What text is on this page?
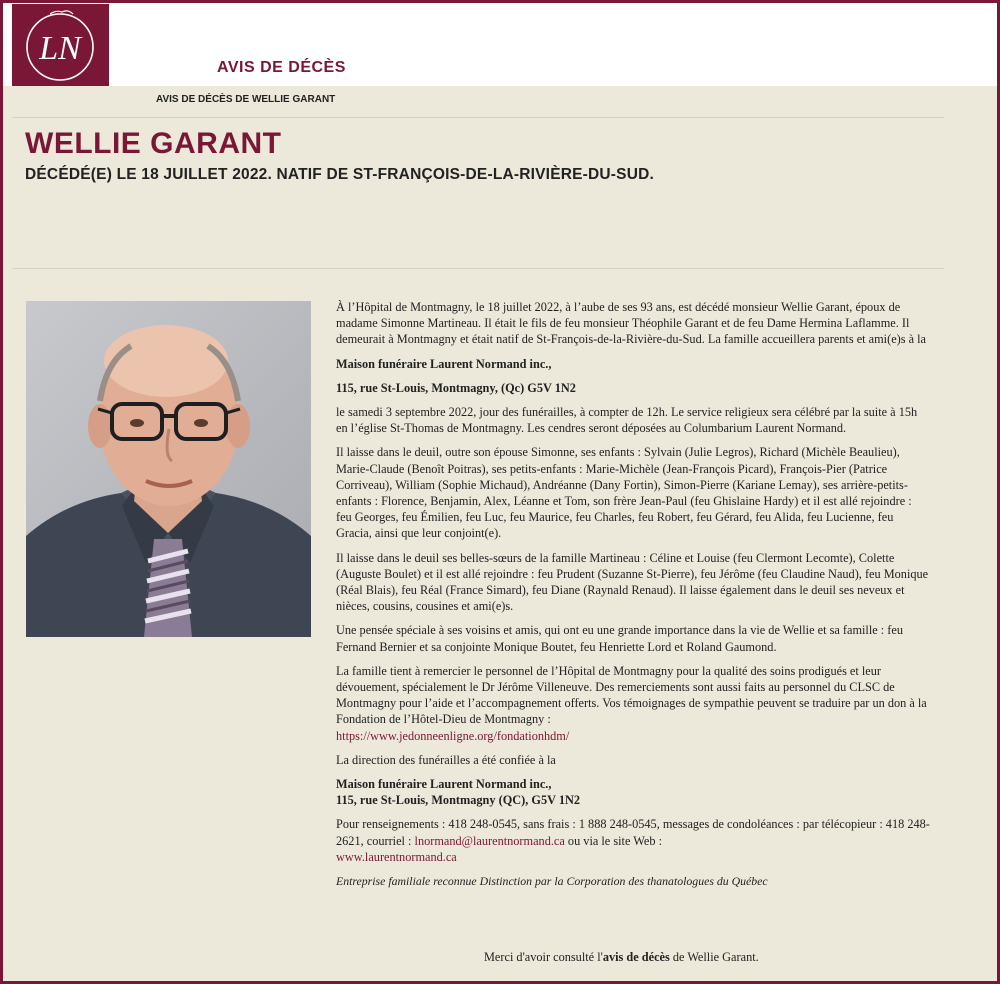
LN
AVIS DE DÉCÈS
AVIS DE DÉCÈS DE WELLIE GARANT
WELLIE GARANT
DÉCÉDÉ(E) LE 18 JUILLET 2022. NATIF DE ST-FRANÇOIS-DE-LA-RIVIÈRE-DU-SUD.

À l’Hôpital de Montmagny, le 18 juillet 2022, à l’aube de ses 93 ans, est décédé monsieur Wellie Garant, époux de madame Simonne Martineau. Il était le fils de feu monsieur Théophile Garant et de feu Dame Hermina Laflamme. Il demeurait à Montmagny et était natif de St-François-de-la-Rivière-du-Sud. La famille accueillera parents et ami(e)s à la

Maison funéraire Laurent Normand inc.,

115, rue St-Louis, Montmagny, (Qc) G5V 1N2

le samedi 3 septembre 2022, jour des funérailles, à compter de 12h. Le service religieux sera célébré par la suite à 15h en l’église St-Thomas de Montmagny. Les cendres seront déposées au Columbarium Laurent Normand.

Il laisse dans le deuil, outre son épouse Simonne, ses enfants : Sylvain (Julie Legros), Richard (Michèle Beaulieu), Marie-Claude (Benoît Poitras), ses petits-enfants : Marie-Michèle (Jean-François Picard), François-Pier (Patrice Corriveau), William (Sophie Michaud), Andréanne (Dany Fortin), Simon-Pierre (Kariane Lemay), ses arrière-petits-enfants : Florence, Benjamin, Alex, Léanne et Tom, son frère Jean-Paul (feu Ghislaine Hardy) et il est allé rejoindre : feu Georges, feu Émilien, feu Luc, feu Maurice, feu Charles, feu Robert, feu Gérard, feu Alida, feu Lucienne, feu Gracia, ainsi que leur conjoint(e).

Il laisse dans le deuil ses belles-sœurs de la famille Martineau : Céline et Louise (feu Clermont Lecomte), Colette (Auguste Boulet) et il est allé rejoindre : feu Prudent (Suzanne St-Pierre), feu Jérôme (feu Claudine Naud), feu Monique (Réal Blais), feu Réal (France Simard), feu Diane (Raynald Renaud). Il laisse également dans le deuil ses neveux et nièces, cousins, cousines et ami(e)s.

Une pensée spéciale à ses voisins et amis, qui ont eu une grande importance dans la vie de Wellie et sa famille : feu Fernand Bernier et sa conjointe Monique Boutet, feu Henriette Lord et Roland Gaumond.

La famille tient à remercier le personnel de l’Hôpital de Montmagny pour la qualité des soins prodigués et leur dévouement, spécialement le Dr Jérôme Villeneuve. Des remerciements sont aussi faits au personnel du CLSC de Montmagny pour l’aide et l’accompagnement offerts. Vos témoignages de sympathie peuvent se traduire par un don à la Fondation de l’Hôtel-Dieu de Montmagny :
https://www.jedonneenligne.org/fondationhdm/

La direction des funérailles a été confiée à la

Maison funéraire Laurent Normand inc.,
115, rue St-Louis, Montmagny (QC), G5V 1N2

Pour renseignements : 418 248-0545, sans frais : 1 888 248-0545, messages de condoléances : par télécopieur : 418 248-2621, courriel : lnormand@laurentnormand.ca ou via le site Web :
www.laurentnormand.ca

Entreprise familiale reconnue Distinction par la Corporation des thanatologues du Québec

Merci d'avoir consulté l'avis de décès de Wellie Garant.
